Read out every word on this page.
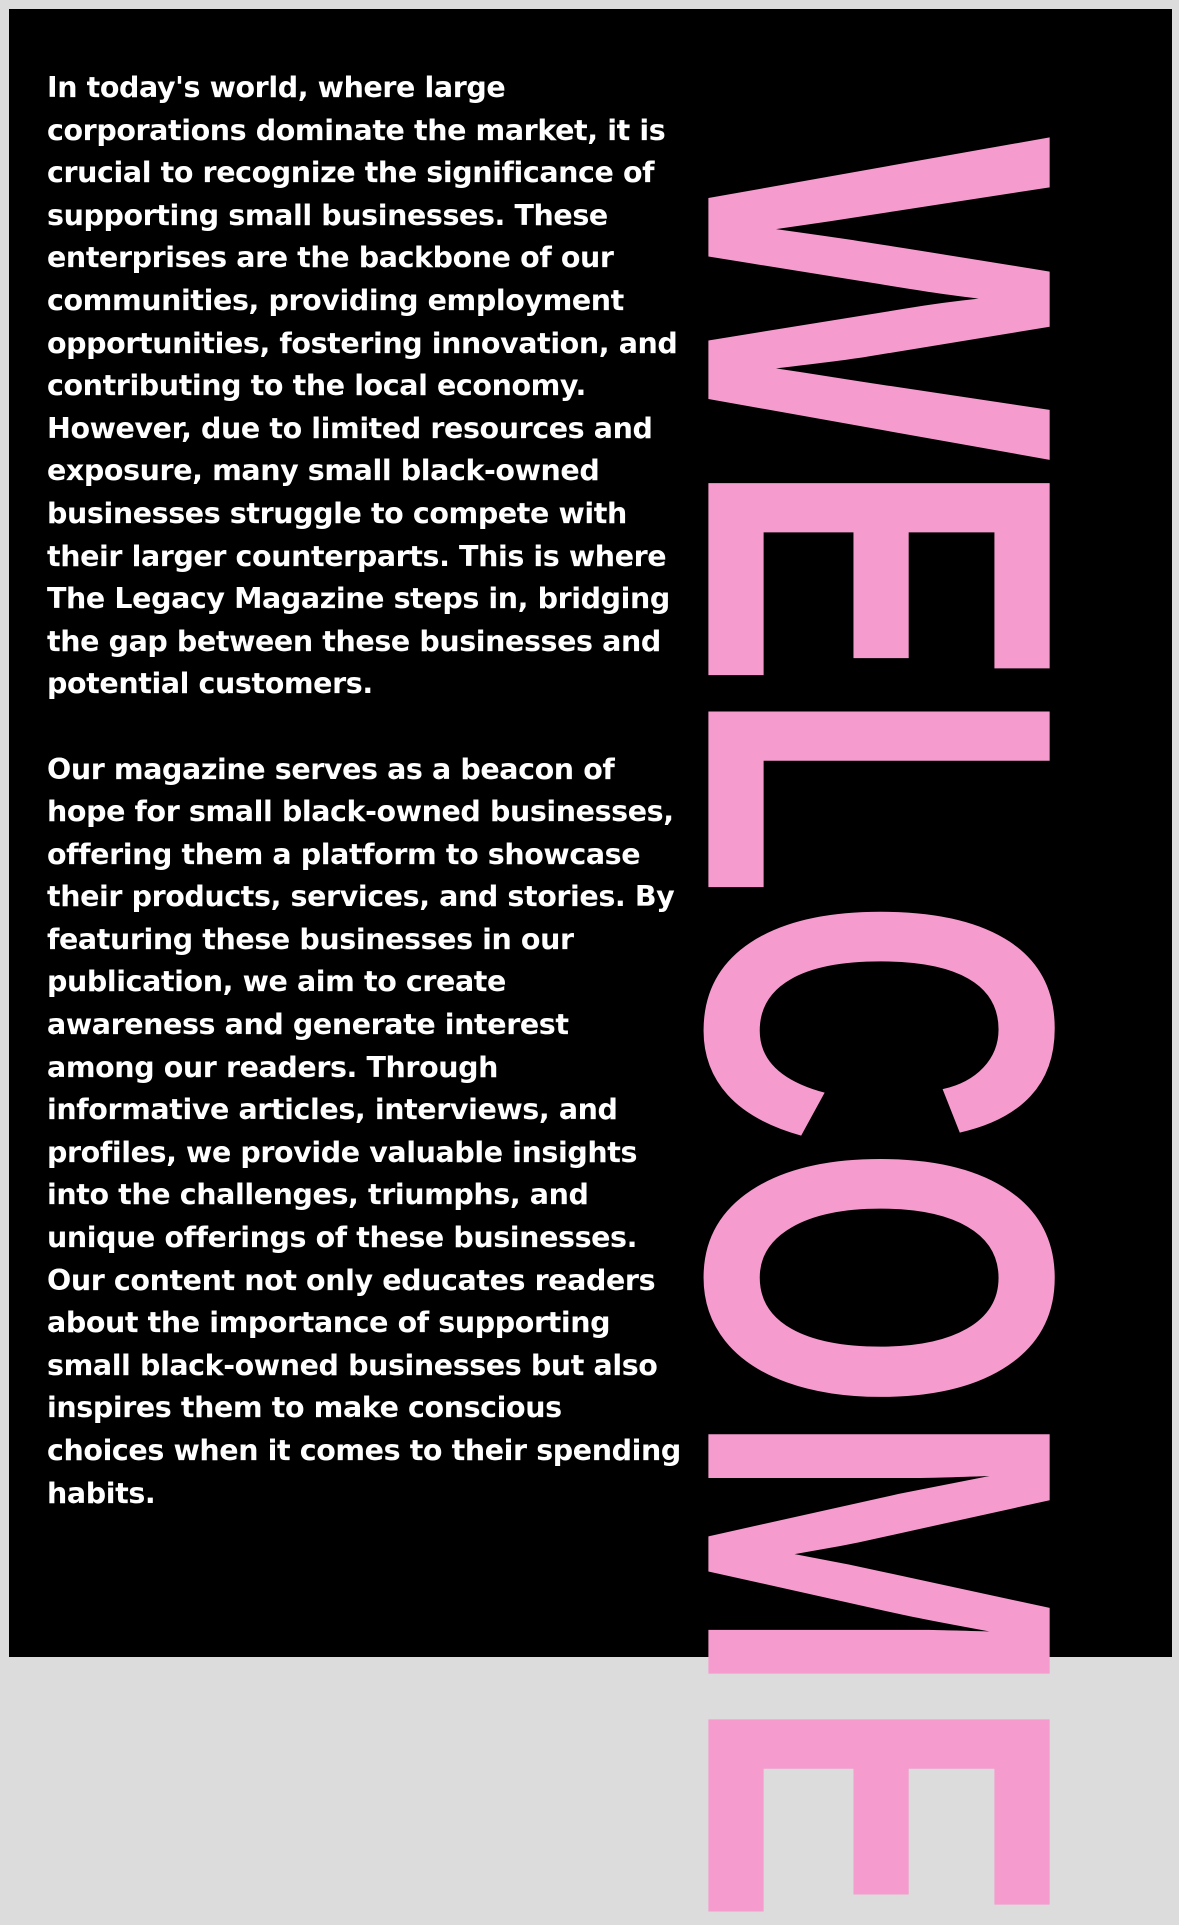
In today's world, where large
corporations dominate the market, it is
crucial to recognize the significance of
supporting small businesses. These
enterprises are the backbone of our
communities, providing employment
opportunities, fostering innovation, and
contributing to the local economy.
However, due to limited resources and
exposure, many small black-owned
businesses struggle to compete with
their larger counterparts. This is where
The Legacy Magazine steps in, bridging
the gap between these businesses and
potential customers.
Our magazine serves as a beacon of
hope for small black-owned businesses,
offering them a platform to showcase
their products, services, and stories. By
featuring these businesses in our
publication, we aim to create
awareness and generate interest
among our readers. Through
informative articles, interviews, and
profiles, we provide valuable insights
into the challenges, triumphs, and
unique offerings of these businesses.
Our content not only educates readers
about the importance of supporting
small black-owned businesses but also
inspires them to make conscious
choices when it comes to their spending
habits.	WELCOME
